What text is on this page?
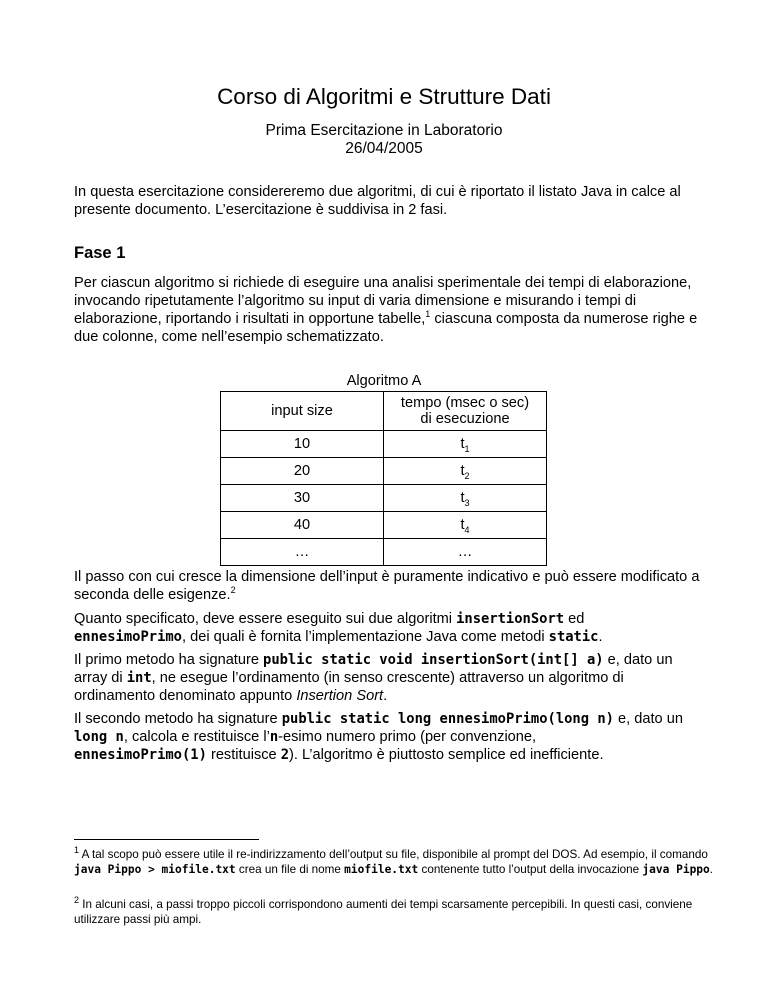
Corso di Algoritmi e Strutture Dati
Prima Esercitazione in Laboratorio
26/04/2005
In questa esercitazione considereremo due algoritmi, di cui è riportato il listato Java in calce al presente documento. L’esercitazione è suddivisa in 2 fasi.
Fase 1
Per ciascun algoritmo si richiede di eseguire una analisi sperimentale dei tempi di elaborazione, invocando ripetutamente l’algoritmo su input di varia dimensione e misurando i tempi di elaborazione, riportando i risultati in opportune tabelle,$^1$ ciascuna composta da numerose righe e due colonne, come nell’esempio schematizzato.
Algoritmo A
input size	tempo (msec o sec)
di esecuzione
10	$t_1$
20	$t_2$
30	$t_3$
40	$t_4$
…	…
Il passo con cui cresce la dimensione dell’input è puramente indicativo e può essere modificato a seconda delle esigenze.$^2$
Quanto specificato, deve essere eseguito sui due algoritmi insertionSort ed
ennesimoPrimo, dei quali è fornita l’implementazione Java come metodi static.
Il primo metodo ha signature public static void insertionSort(int[] a) e, dato un array di int, ne esegue l’ordinamento (in senso crescente) attraverso un algoritmo di ordinamento denominato appunto Insertion Sort.
Il secondo metodo ha signature public static long ennesimoPrimo(long n) e, dato un long n, calcola e restituisce l’n-esimo numero primo (per convenzione,
ennesimoPrimo(1) restituisce 2). L’algoritmo è piuttosto semplice ed inefficiente.
$^1$ A tal scopo può essere utile il re-indirizzamento dell’output su file, disponibile al prompt del DOS. Ad esempio, il comando java Pippo > miofile.txt crea un file di nome miofile.txt contenente tutto l’output della invocazione java Pippo.
$^2$ In alcuni casi, a passi troppo piccoli corrispondono aumenti dei tempi scarsamente percepibili. In questi casi, conviene utilizzare passi più ampi.
